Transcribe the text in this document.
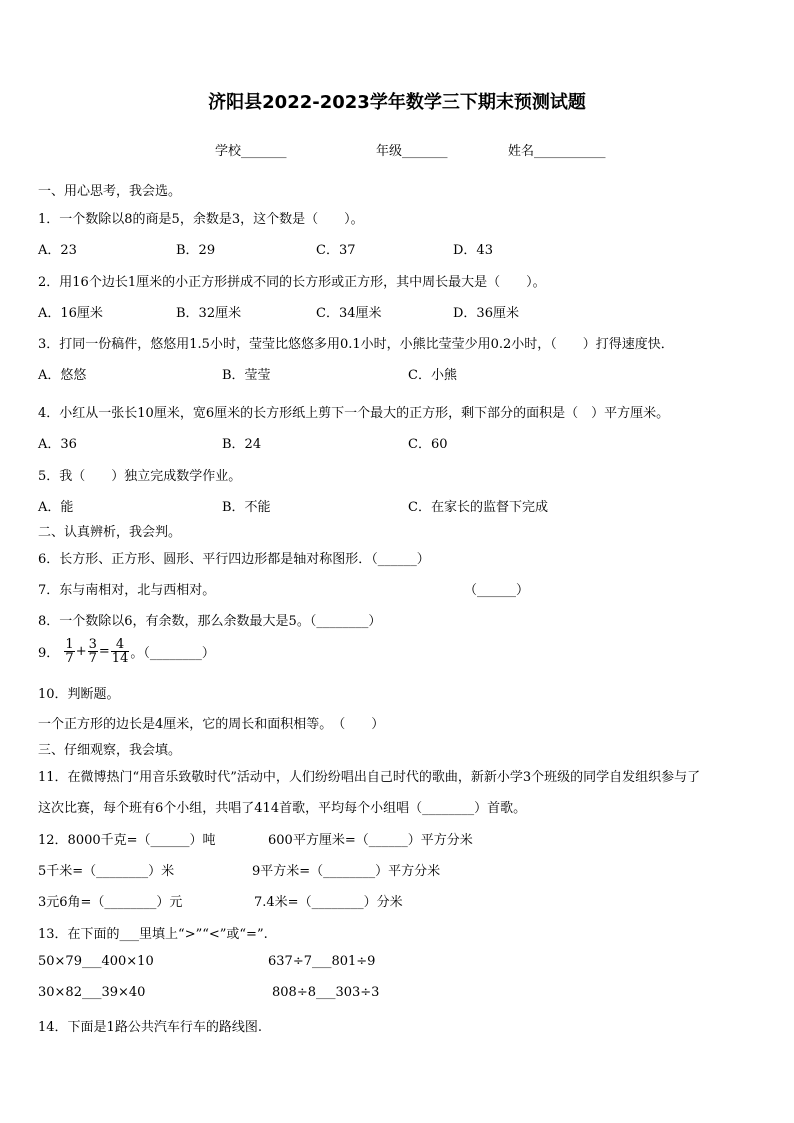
济阳县2022-2023学年数学三下期末预测试题
学校_______	年级_______	姓名___________
一、用心思考，我会选。
1．一个数除以8的商是5，余数是3，这个数是（　　）。
A．23	B．29	C．37	D．43
2．用16个边长1厘米的小正方形拼成不同的长方形或正方形，其中周长最大是（　　）。
A．16厘米	B．32厘米	C．34厘米	D．36厘米
3．打同一份稿件，悠悠用1.5小时，莹莹比悠悠多用0.1小时，小熊比莹莹少用0.2小时，（　　）打得速度快．
A．悠悠	B．莹莹	C．小熊
4．小红从一张长10厘米，宽6厘米的长方形纸上剪下一个最大的正方形，剩下部分的面积是（　）平方厘米。
A．36	B．24	C．60
5．我（　　）独立完成数学作业。
A．能	B．不能	C．在家长的监督下完成
二、认真辨析，我会判。
6．长方形、正方形、圆形、平行四边形都是轴对称图形．（______）
7．东与南相对，北与西相对。	（______）
8．一个数除以6，有余数，那么余数最大是5。（________）
9． $\frac{1}{7} + \frac{3}{7} = \frac{4}{14}$ 。（________）
10．判断题。
一个正方形的边长是4厘米，它的周长和面积相等。　（　　）
三、仔细观察，我会填。
11．在微博热门“用音乐致敬时代”活动中，人们纷纷唱出自己时代的歌曲，新新小学3个班级的同学自发组织参与了
这次比赛，每个班有6个小组，共唱了414首歌，平均每个小组唱（________）首歌。
12．8000千克=（______）吨	600平方厘米=（______）平方分米
5千米=（________）米	9平方米=（________）平方分米
3元6角=（________）元	7.4米=（________）分米
13．在下面的___里填上“>”“<”或“=”.
50×79___400×10	637÷7___801÷9
30×82___39×40	808÷8___303÷3
14．下面是1路公共汽车行车的路线图.
